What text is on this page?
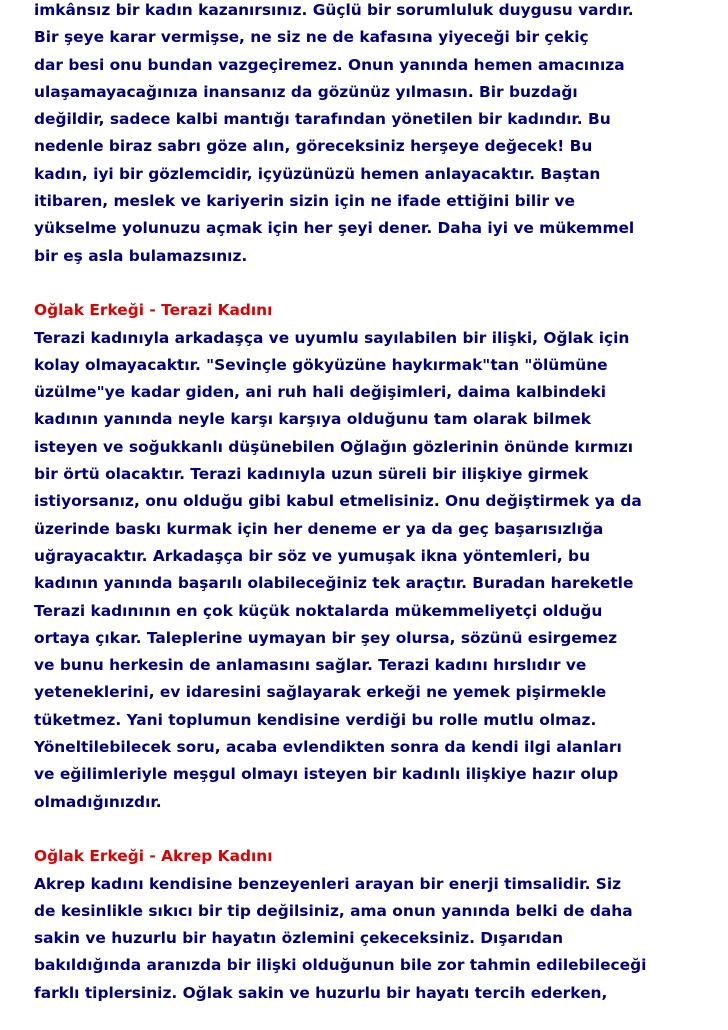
imkânsız bir kadın kazanırsınız. Güçlü bir sorumluluk duygusu vardır.
Bir şeye karar vermişse, ne siz ne de kafasına yiyeceği bir çekiç
dar besi onu bundan vazgeçiremez. Onun yanında hemen amacınıza
ulaşamayacağınıza inansanız da gözünüz yılmasın. Bir buzdağı
değildir, sadece kalbi mantığı tarafından yönetilen bir kadındır. Bu
nedenle biraz sabrı göze alın, göreceksiniz herşeye değecek! Bu
kadın, iyi bir gözlemcidir, içyüzünüzü hemen anlayacaktır. Baştan
itibaren, meslek ve kariyerin sizin için ne ifade ettiğini bilir ve
yükselme yolunuzu açmak için her şeyi dener. Daha iyi ve mükemmel
bir eş asla bulamazsınız.

Oğlak Erkeği - Terazi Kadını

Terazi kadınıyla arkadaşça ve uyumlu sayılabilen bir ilişki, Oğlak için
kolay olmayacaktır. "Sevinçle gökyüzüne haykırmak"tan "ölümüne
üzülme"ye kadar giden, ani ruh hali değişimleri, daima kalbindeki
kadının yanında neyle karşı karşıya olduğunu tam olarak bilmek
isteyen ve soğukkanlı düşünebilen Oğlağın gözlerinin önünde kırmızı
bir örtü olacaktır. Terazi kadınıyla uzun süreli bir ilişkiye girmek
istiyorsanız, onu olduğu gibi kabul etmelisiniz. Onu değiştirmek ya da
üzerinde baskı kurmak için her deneme er ya da geç başarısızlığa
uğrayacaktır. Arkadaşça bir söz ve yumuşak ikna yöntemleri, bu
kadının yanında başarılı olabileceğiniz tek araçtır. Buradan hareketle
Terazi kadınının en çok küçük noktalarda mükemmeliyetçi olduğu
ortaya çıkar. Taleplerine uymayan bir şey olursa, sözünü esirgemez
ve bunu herkesin de anlamasını sağlar. Terazi kadını hırslıdır ve
yeteneklerini, ev idaresini sağlayarak erkeği ne yemek pişirmekle
tüketmez. Yani toplumun kendisine verdiği bu rolle mutlu olmaz.
Yöneltilebilecek soru, acaba evlendikten sonra da kendi ilgi alanları
ve eğilimleriyle meşgul olmayı isteyen bir kadınlı ilişkiye hazır olup
olmadığınızdır.

Oğlak Erkeği - Akrep Kadını

Akrep kadını kendisine benzeyenleri arayan bir enerji timsalidir. Siz
de kesinlikle sıkıcı bir tip değilsiniz, ama onun yanında belki de daha
sakin ve huzurlu bir hayatın özlemini çekeceksiniz. Dışarıdan
bakıldığında aranızda bir ilişki olduğunun bile zor tahmin edilebileceği
farklı tiplersiniz. Oğlak sakin ve huzurlu bir hayatı tercih ederken,
